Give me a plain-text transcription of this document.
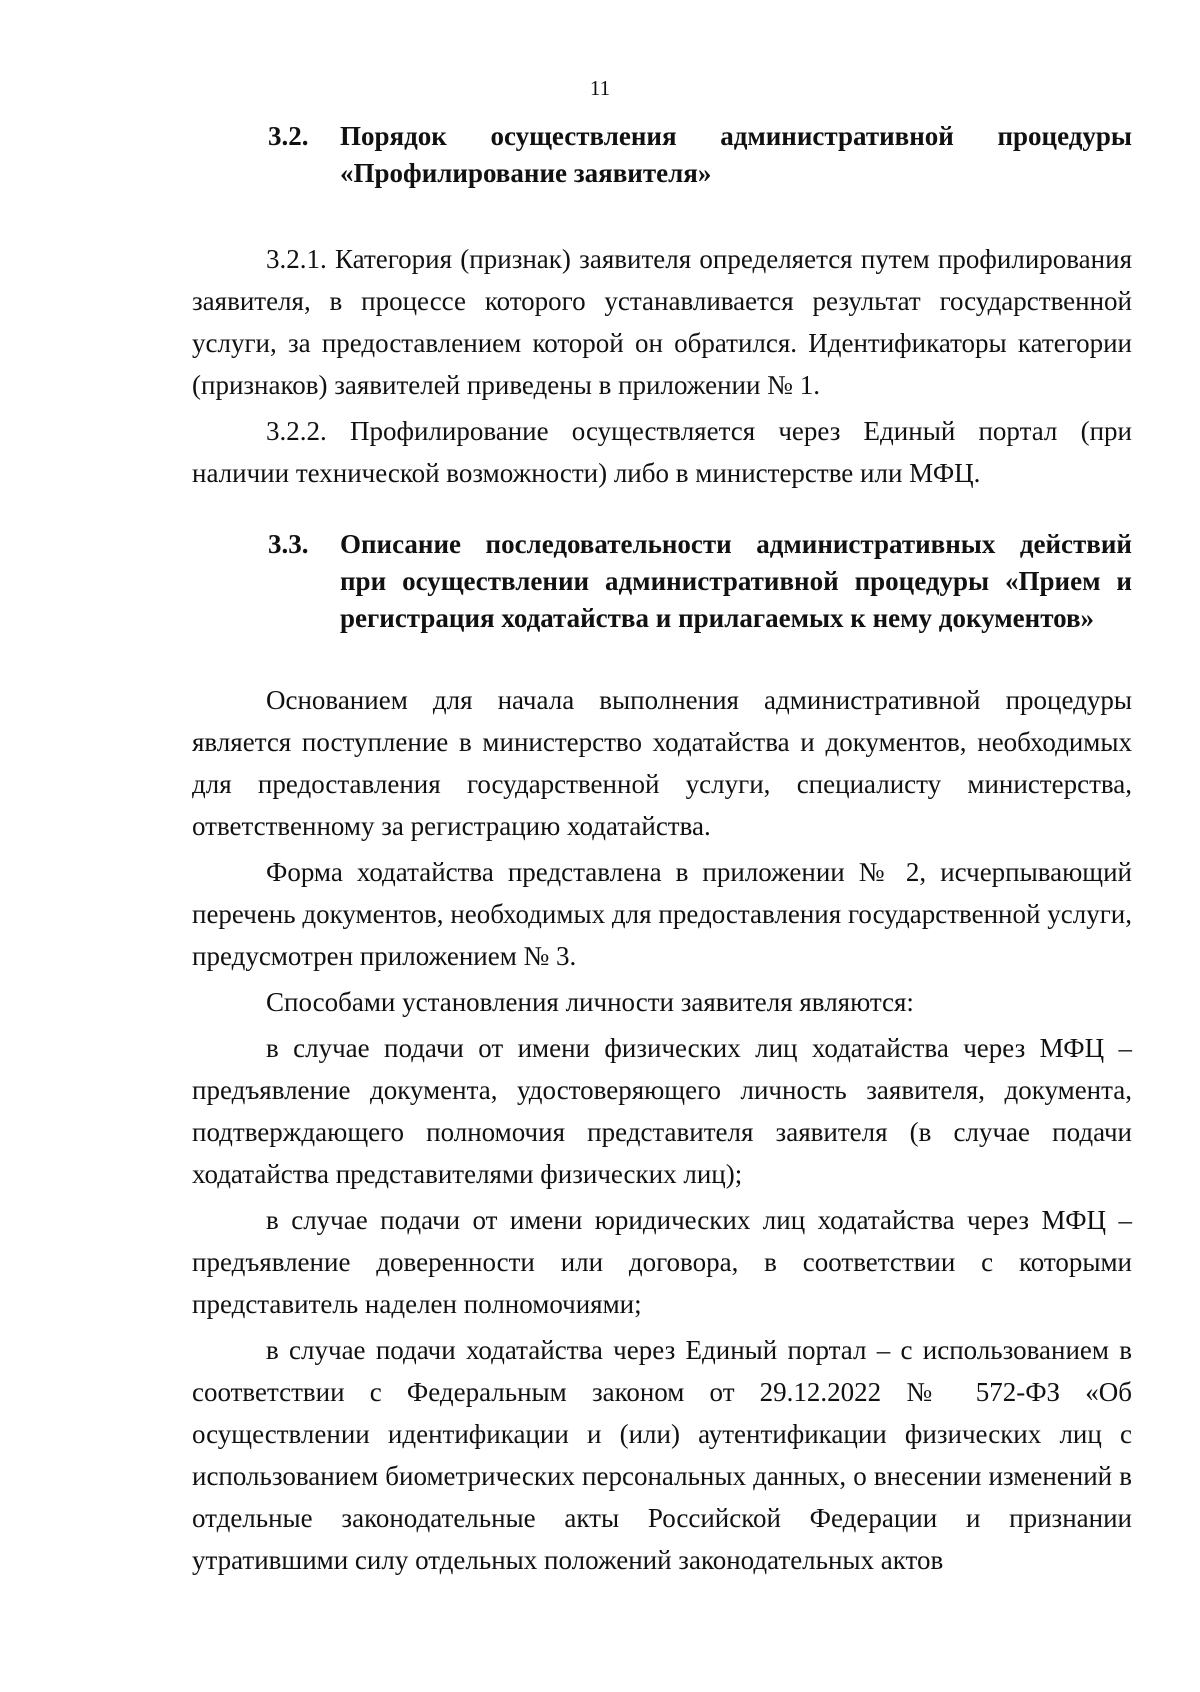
11
3.2.	Порядок осуществления административной процедуры
«Профилирование заявителя»

3.2.1. Категория (признак) заявителя определяется путем профилирования заявителя, в процессе которого устанавливается результат государственной услуги, за предоставлением которой он обратился. Идентификаторы категории (признаков) заявителей приведены в приложении № 1.

3.2.2. Профилирование осуществляется через Единый портал (при наличии технической возможности) либо в министерстве или МФЦ.

3.3.	Описание последовательности административных действий
при осуществлении административной процедуры «Прием и
регистрация ходатайства и прилагаемых к нему документов»

Основанием для начала выполнения административной процедуры является поступление в министерство ходатайства и документов, необходимых для предоставления государственной услуги, специалисту министерства, ответственному за регистрацию ходатайства.

Форма ходатайства представлена в приложении № 2, исчерпывающий перечень документов, необходимых для предоставления государственной услуги, предусмотрен приложением № 3.

Способами установления личности заявителя являются:

в случае подачи от имени физических лиц ходатайства через МФЦ – предъявление документа, удостоверяющего личность заявителя, документа, подтверждающего полномочия представителя заявителя (в случае подачи ходатайства представителями физических лиц);

в случае подачи от имени юридических лиц ходатайства через МФЦ – предъявление доверенности или договора, в соответствии с которыми представитель наделен полномочиями;

в случае подачи ходатайства через Единый портал – с использованием в соответствии с Федеральным законом от 29.12.2022 № 572-ФЗ «Об осуществлении идентификации и (или) аутентификации физических лиц с использованием биометрических персональных данных, о внесении изменений в отдельные законодательные акты Российской Федерации и признании утратившими силу отдельных положений законодательных актов
